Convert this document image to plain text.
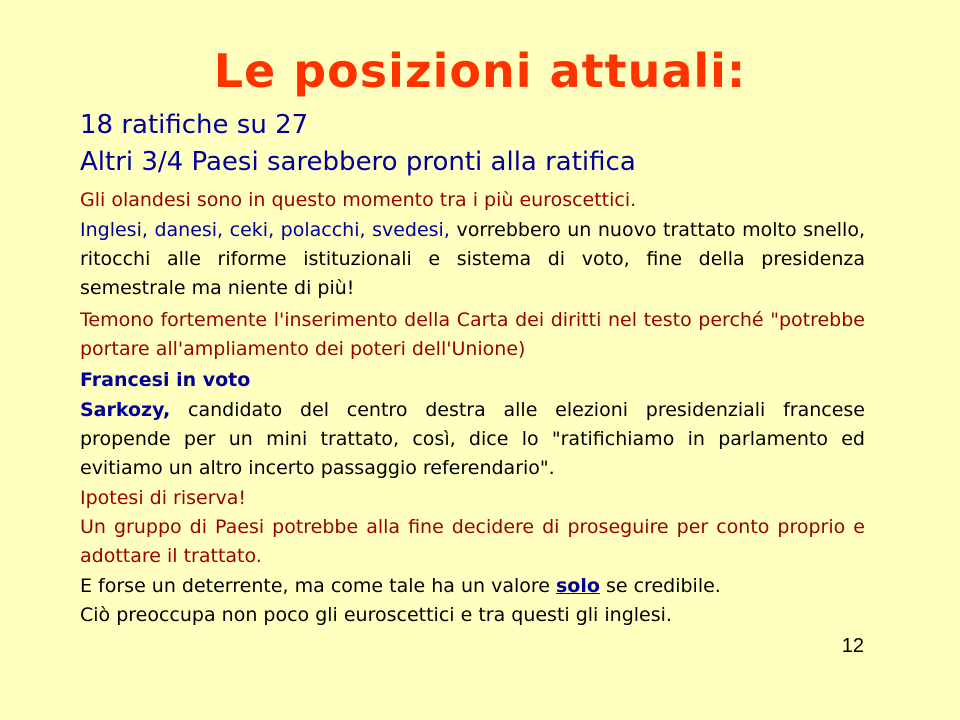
Le posizioni attuali:
18 ratifiche su 27
Altri 3/4 Paesi sarebbero pronti alla ratifica
Gli olandesi sono in questo momento tra i più euroscettici.
Inglesi, danesi, ceki, polacchi, svedesi, vorrebbero un nuovo trattato molto snello, ritocchi alle riforme istituzionali e sistema di voto, fine della presidenza semestrale ma niente di più!
Temono fortemente l'inserimento della Carta dei diritti nel testo perché "potrebbe portare all'ampliamento dei poteri dell'Unione)
Francesi in voto
Sarkozy, candidato del centro destra alle elezioni presidenziali francese propende per un mini trattato, così, dice lo "ratifichiamo in parlamento ed evitiamo un altro incerto passaggio referendario".
Ipotesi di riserva!
Un gruppo di Paesi potrebbe alla fine decidere di proseguire per conto proprio e adottare il trattato.
E forse un deterrente, ma come tale ha un valore solo se credibile.
Ciò preoccupa non poco gli euroscettici e tra questi gli inglesi.
12
